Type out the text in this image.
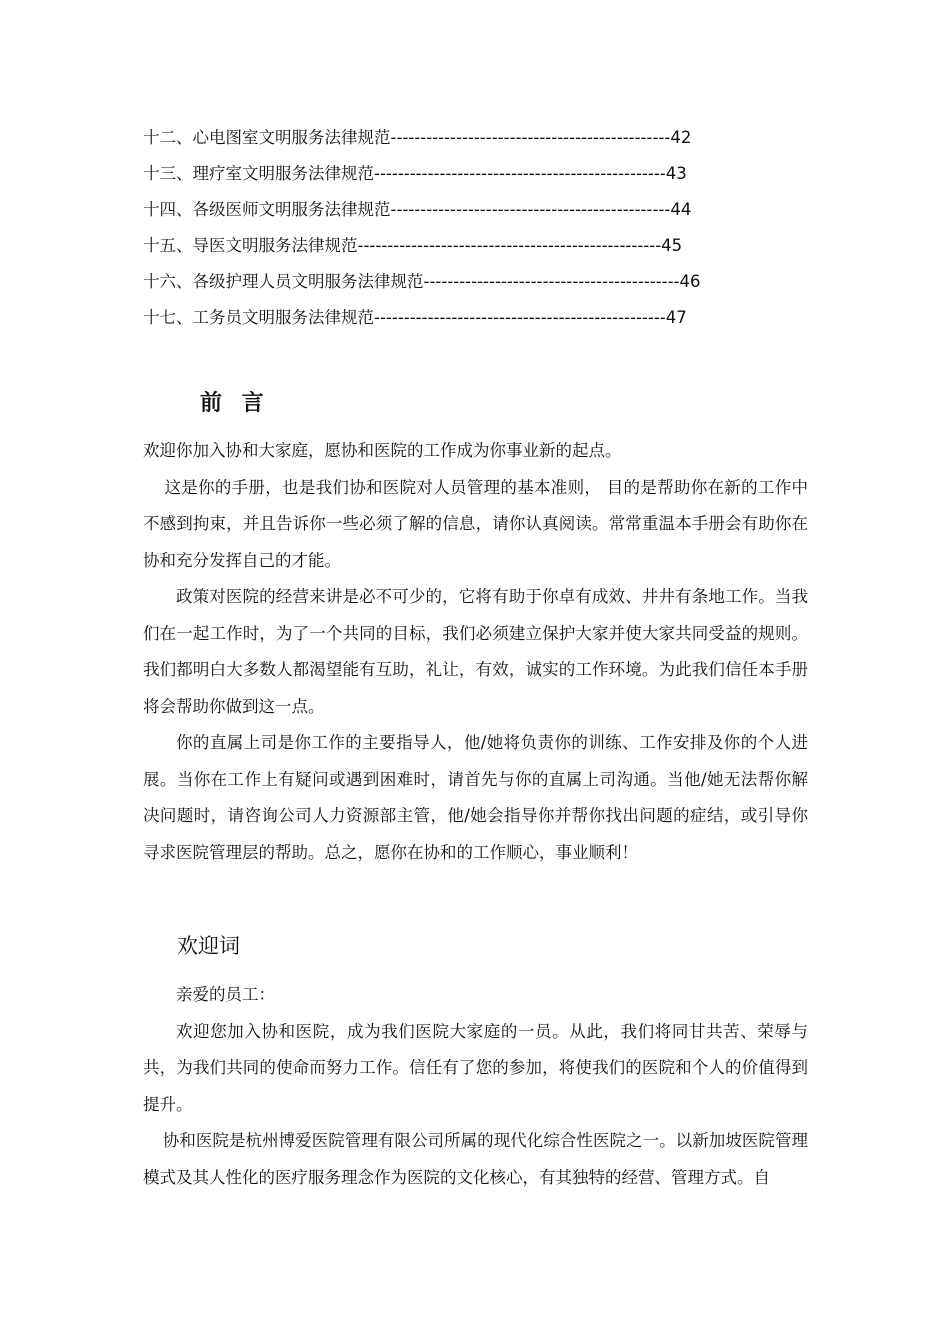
十二、心电图室文明服务法律规范-----------------------------------------------42
十三、理疗室文明服务法律规范-------------------------------------------------43
十四、各级医师文明服务法律规范-----------------------------------------------44
十五、导医文明服务法律规范---------------------------------------------------45
十六、各级护理人员文明服务法律规范-------------------------------------------46
十七、工务员文明服务法律规范-------------------------------------------------47
前 言

欢迎你加入协和大家庭，愿协和医院的工作成为你事业新的起点。

这是你的手册，也是我们协和医院对人员管理的基本准则， 目的是帮助你在新的工作中不感到拘束，并且告诉你一些必须了解的信息，请你认真阅读。常常重温本手册会有助你在协和充分发挥自己的才能。

政策对医院的经营来讲是必不可少的，它将有助于你卓有成效、井井有条地工作。当我们在一起工作时，为了一个共同的目标，我们必须建立保护大家并使大家共同受益的规则。我们都明白大多数人都渴望能有互助，礼让，有效，诚实的工作环境。为此我们信任本手册将会帮助你做到这一点。

你的直属上司是你工作的主要指导人，他/她将负责你的训练、工作安排及你的个人进展。当你在工作上有疑问或遇到困难时，请首先与你的直属上司沟通。当他/她无法帮你解决问题时，请咨询公司人力资源部主管，他/她会指导你并帮你找出问题的症结，或引导你寻求医院管理层的帮助。总之，愿你在协和的工作顺心，事业顺利！

欢迎词

亲爱的员工：

欢迎您加入协和医院，成为我们医院大家庭的一员。从此，我们将同甘共苦、荣辱与共，为我们共同的使命而努力工作。信任有了您的参加，将使我们的医院和个人的价值得到提升。

协和医院是杭州博爱医院管理有限公司所属的现代化综合性医院之一。以新加坡医院管理模式及其人性化的医疗服务理念作为医院的文化核心，有其独特的经营、管理方式。自
